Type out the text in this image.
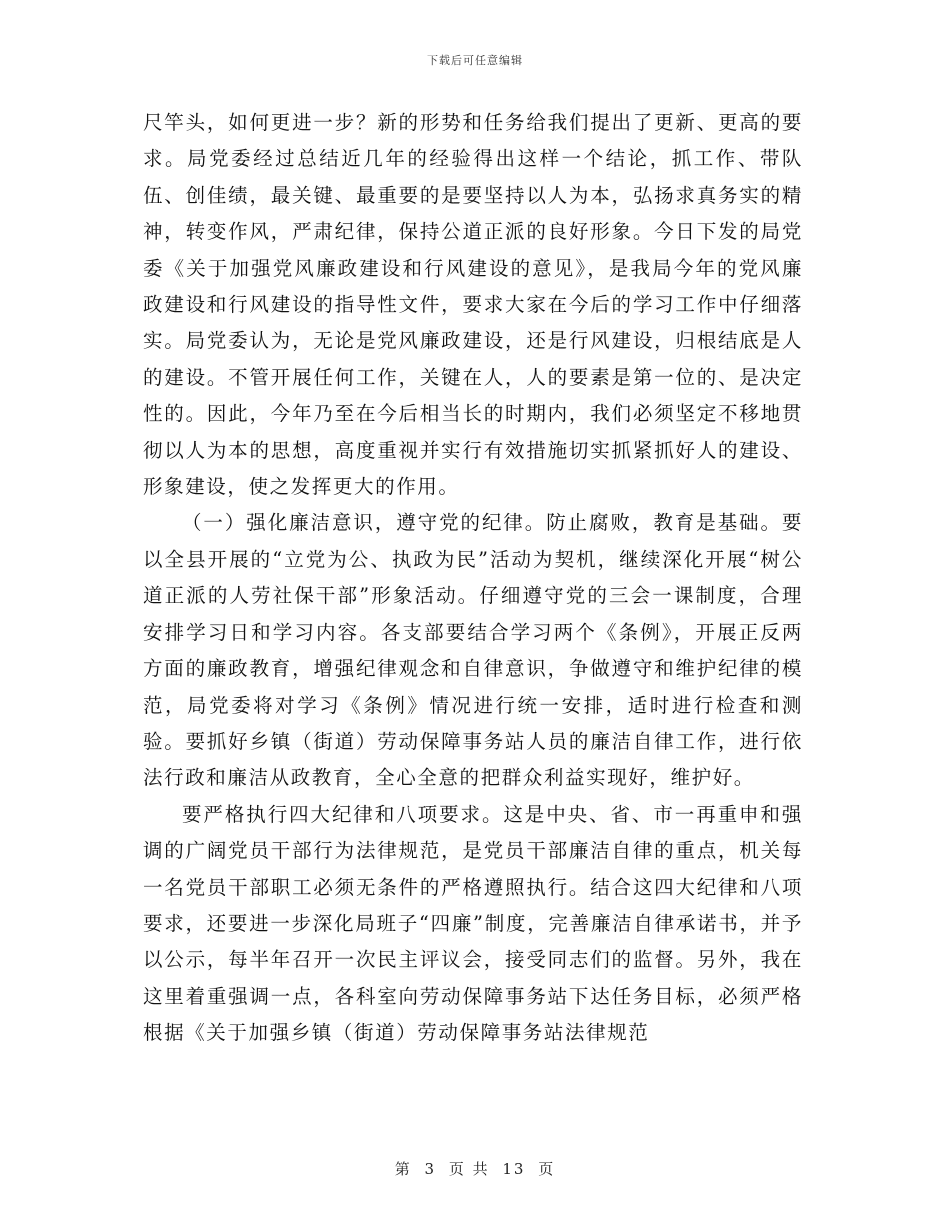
下载后可任意编辑

尺竿头，如何更进一步？新的形势和任务给我们提出了更新、更高的要求。局党委经过总结近几年的经验得出这样一个结论，抓工作、带队伍、创佳绩，最关键、最重要的是要坚持以人为本，弘扬求真务实的精神，转变作风，严肃纪律，保持公道正派的良好形象。今日下发的局党委《关于加强党风廉政建设和行风建设的意见》，是我局今年的党风廉政建设和行风建设的指导性文件，要求大家在今后的学习工作中仔细落实。局党委认为，无论是党风廉政建设，还是行风建设，归根结底是人的建设。不管开展任何工作，关键在人，人的要素是第一位的、是决定性的。因此，今年乃至在今后相当长的时期内，我们必须坚定不移地贯彻以人为本的思想，高度重视并实行有效措施切实抓紧抓好人的建设、形象建设，使之发挥更大的作用。

（一）强化廉洁意识，遵守党的纪律。防止腐败，教育是基础。要以全县开展的“立党为公、执政为民”活动为契机，继续深化开展“树公道正派的人劳社保干部”形象活动。仔细遵守党的三会一课制度，合理安排学习日和学习内容。各支部要结合学习两个《条例》，开展正反两方面的廉政教育，增强纪律观念和自律意识，争做遵守和维护纪律的模范，局党委将对学习《条例》情况进行统一安排，适时进行检查和测验。要抓好乡镇（街道）劳动保障事务站人员的廉洁自律工作，进行依法行政和廉洁从政教育，全心全意的把群众利益实现好，维护好。

要严格执行四大纪律和八项要求。这是中央、省、市一再重申和强调的广阔党员干部行为法律规范，是党员干部廉洁自律的重点，机关每一名党员干部职工必须无条件的严格遵照执行。结合这四大纪律和八项要求，还要进一步深化局班子“四廉”制度，完善廉洁自律承诺书，并予以公示，每半年召开一次民主评议会，接受同志们的监督。另外，我在这里着重强调一点，各科室向劳动保障事务站下达任务目标，必须严格根据《关于加强乡镇（街道）劳动保障事务站法律规范

第 3 页 共 13 页
